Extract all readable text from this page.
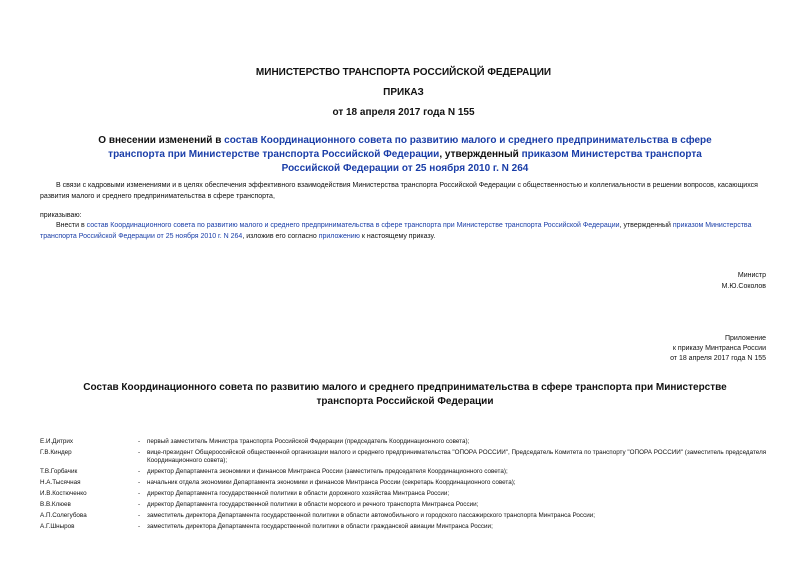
МИНИСТЕРСТВО ТРАНСПОРТА РОССИЙСКОЙ ФЕДЕРАЦИИ
ПРИКАЗ
от 18 апреля 2017 года N 155
О внесении изменений в состав Координационного совета по развитию малого и среднего предпринимательства в сфере транспорта при Министерстве транспорта Российской Федерации, утвержденный приказом Министерства транспорта Российской Федерации от 25 ноября 2010 г. N 264
В связи с кадровыми изменениями и в целях обеспечения эффективного взаимодействия Министерства транспорта Российской Федерации с общественностью и коллегиальности в решении вопросов, касающихся развития малого и среднего предпринимательства в сфере транспорта,
приказываю:
Внести в состав Координационного совета по развитию малого и среднего предпринимательства в сфере транспорта при Министерстве транспорта Российской Федерации, утвержденный приказом Министерства транспорта Российской Федерации от 25 ноября 2010 г. N 264, изложив его согласно приложению к настоящему приказу.
Министр
М.Ю.Соколов
Приложение
к приказу Минтранса России
от 18 апреля 2017 года N 155
Состав Координационного совета по развитию малого и среднего предпринимательства в сфере транспорта при Министерстве транспорта Российской Федерации
Е.И.Дитрих	- первый заместитель Министра транспорта Российской Федерации (председатель Координационного совета);
Г.В.Киндер	- вице-президент Общероссийской общественной организации малого и среднего предпринимательства "ОПОРА РОССИИ", Председатель Комитета по транспорту "ОПОРА РОССИИ" (заместитель председателя Координационного совета);
Т.В.Горбачик	- директор Департамента экономики и финансов Минтранса России (заместитель председателя Координационного совета);
Н.А.Тысячная	- начальник отдела экономики Департамента экономики и финансов Минтранса России (секретарь Координационного совета);
И.В.Костюченко	- директор Департамента государственной политики в области дорожного хозяйства Минтранса России;
В.В.Клюев	- директор Департамента государственной политики в области морского и речного транспорта Минтранса России;
А.П.Солегубова	- заместитель директора Департамента государственной политики в области автомобильного и городского пассажирского транспорта Минтранса России;
А.Г.Шныров	- заместитель директора Департамента государственной политики в области гражданской авиации Минтранса России;
